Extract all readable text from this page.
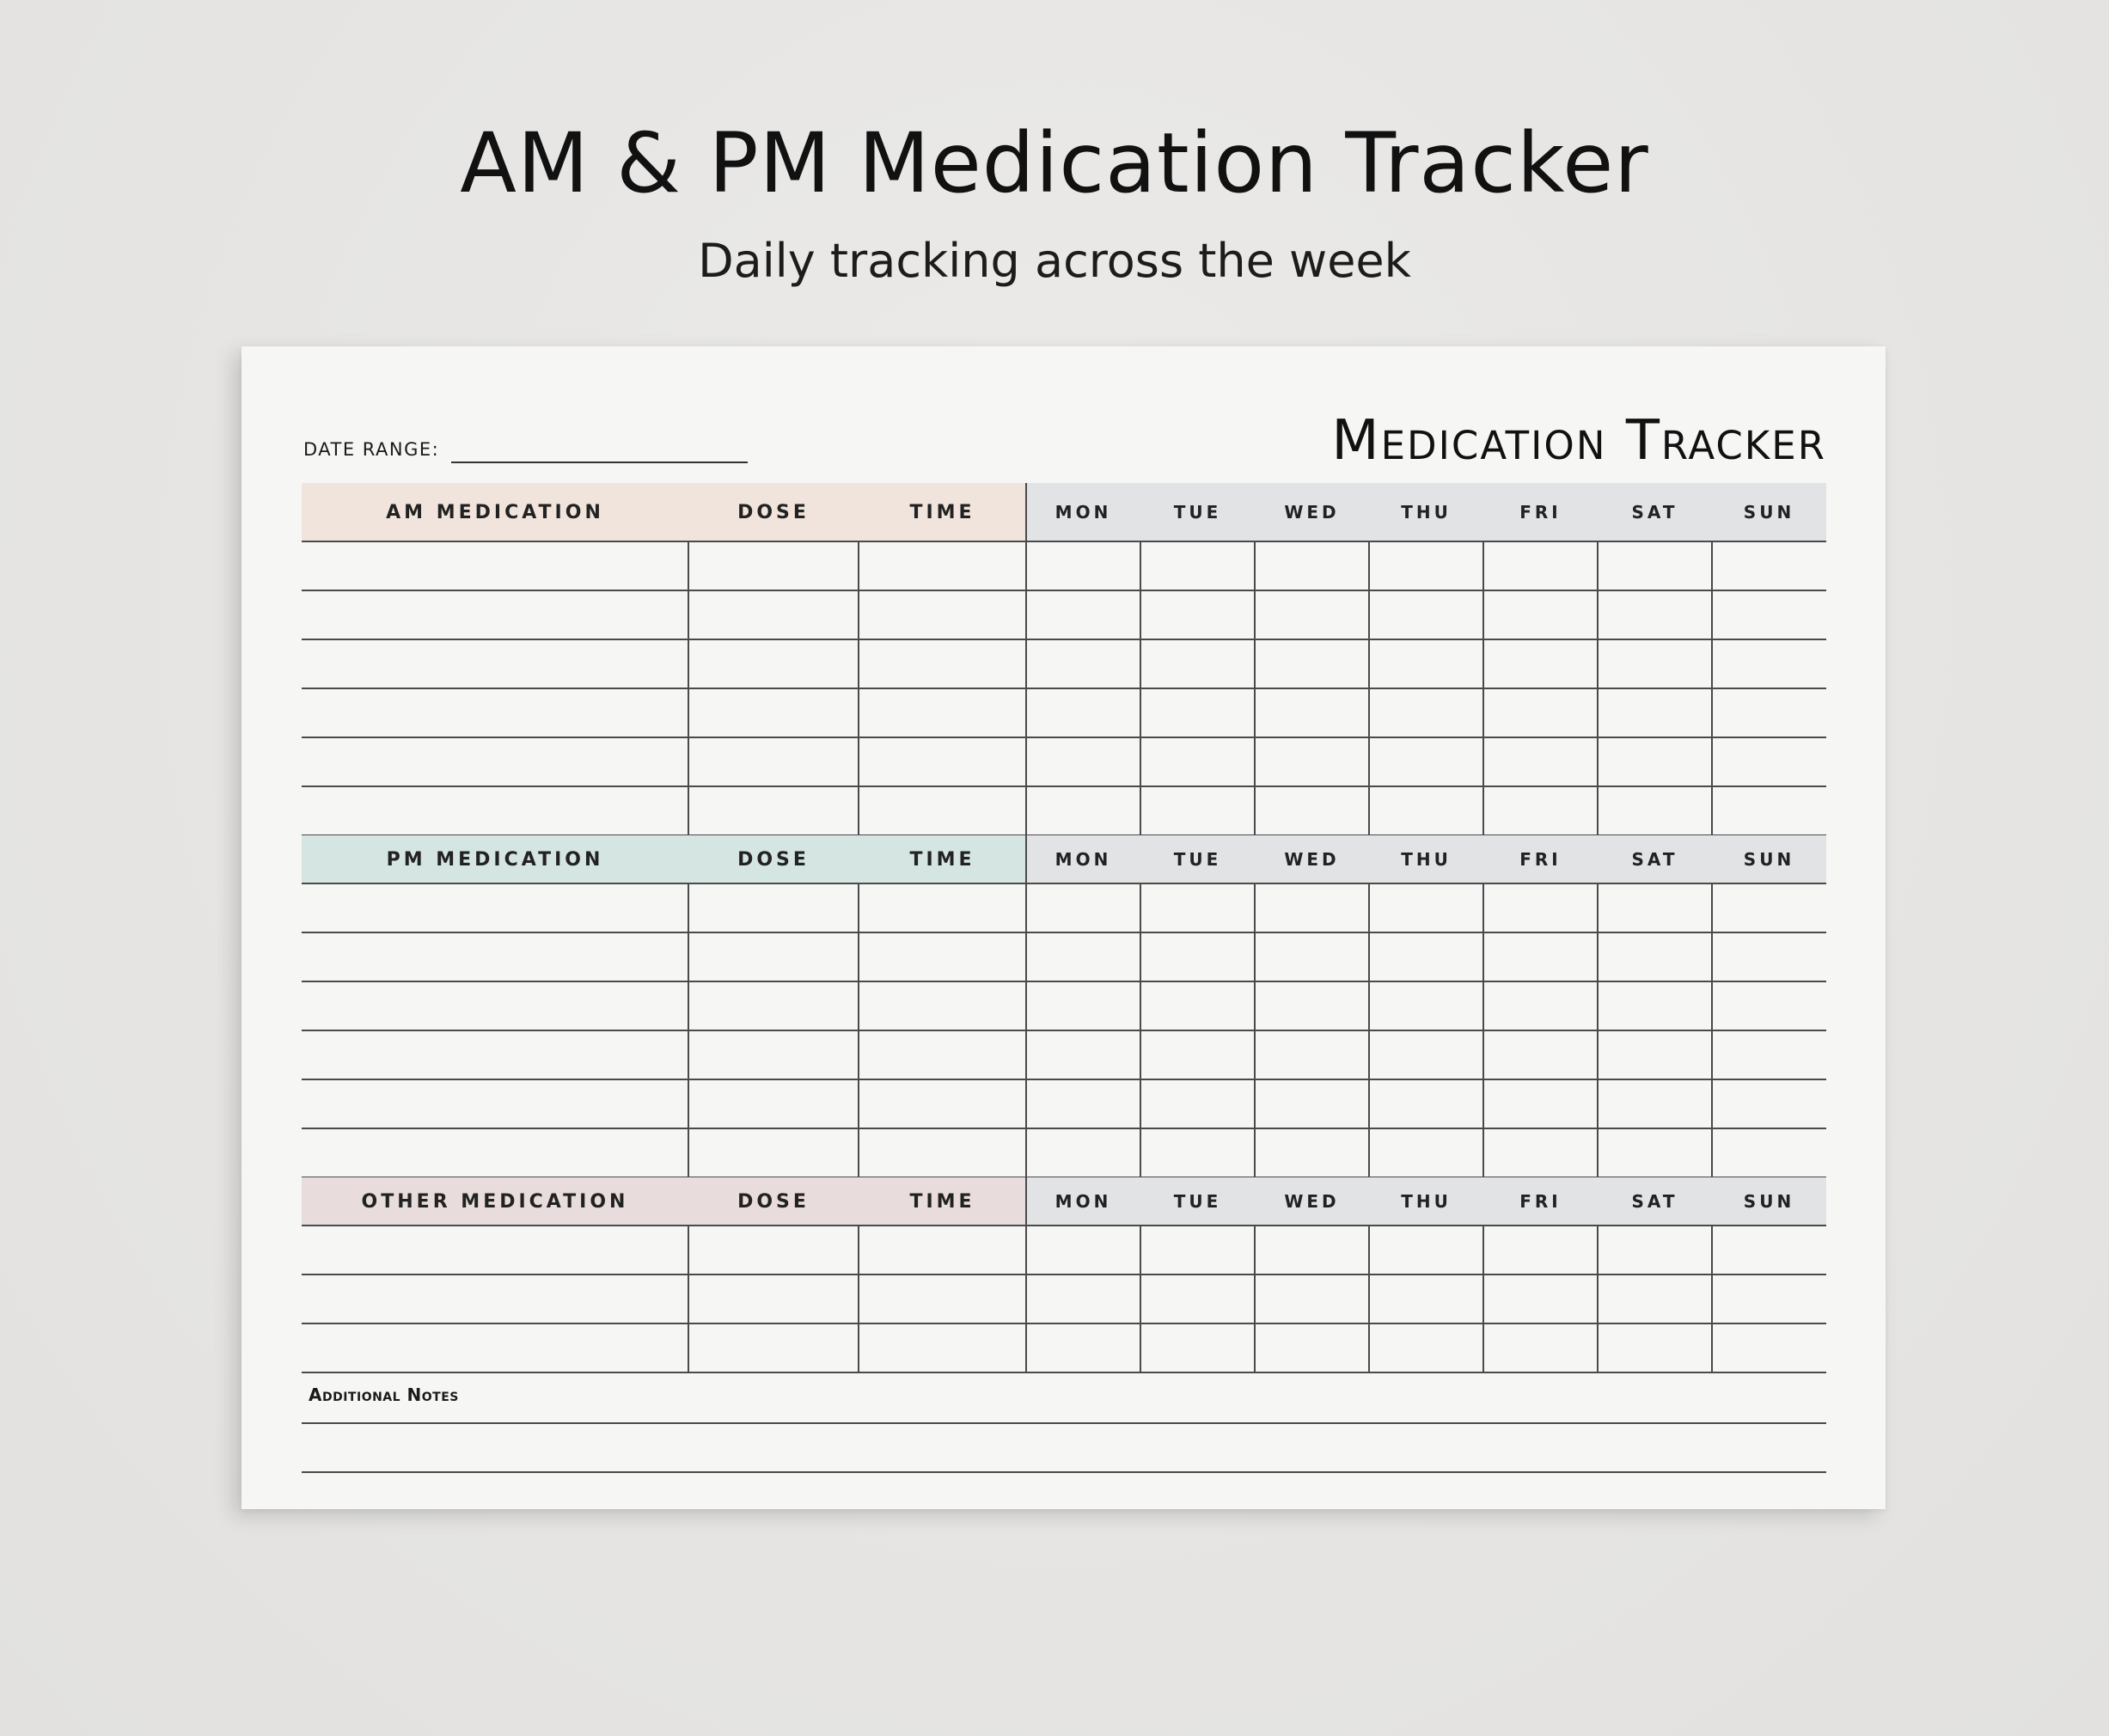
AM & PM Medication Tracker
Daily tracking across the week
DATE RANGE:	Medication Tracker
AM MEDICATION	DOSE	TIME	MON	TUE	WED	THU	FRI	SAT	SUN
PM MEDICATION	DOSE	TIME	MON	TUE	WED	THU	FRI	SAT	SUN
OTHER MEDICATION	DOSE	TIME	MON	TUE	WED	THU	FRI	SAT	SUN
Additional Notes
